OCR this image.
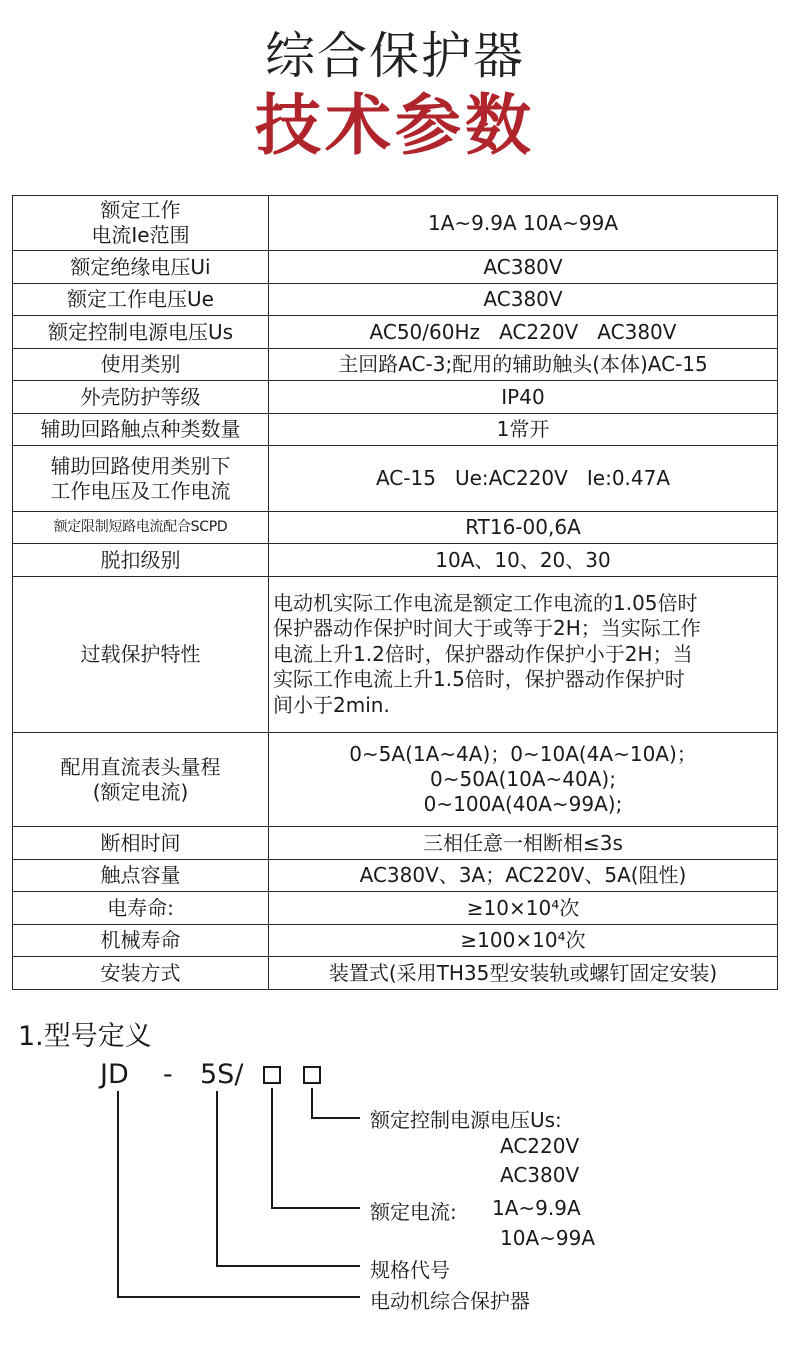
综合保护器
技术参数
额定工作
电流Ie范围	1A~9.9A 10A~99A

额定绝缘电压Ui	AC380V

额定工作电压Ue	AC380V

额定控制电源电压Us	AC50/60Hz   AC220V   AC380V

使用类别	主回路AC-3;配用的辅助触头(本体)AC-15

外壳防护等级	IP40

辅助回路触点种类数量	1常开

辅助回路使用类别下
工作电压及工作电流	AC-15   Ue:AC220V   Ie:0.47A

额定限制短路电流配合SCPD	RT16-00,6A

脱扣级别	10A、10、20、30

过载保护特性	电动机实际工作电流是额定工作电流的1.05倍时
保护器动作保护时间大于或等于2H；当实际工作
电流上升1.2倍时，保护器动作保护小于2H；当
实际工作电流上升1.5倍时，保护器动作保护时
间小于2min.

配用直流表头量程
(额定电流)	0~5A(1A~4A)；0~10A(4A~10A)；
0~50A(10A~40A);
0~100A(40A~99A);

断相时间	三相任意一相断相≤3s

触点容量	AC380V、3A；AC220V、5A(阻性)

电寿命:	≥10×10⁴次

机械寿命	≥100×10⁴次

安装方式	装置式(采用TH35型安装轨或螺钉固定安装)
1.型号定义
JD - 5S/
额定控制电源电压Us:
AC220V
AC380V
额定电流: 1A~9.9A
10A~99A
规格代号
电动机综合保护器
